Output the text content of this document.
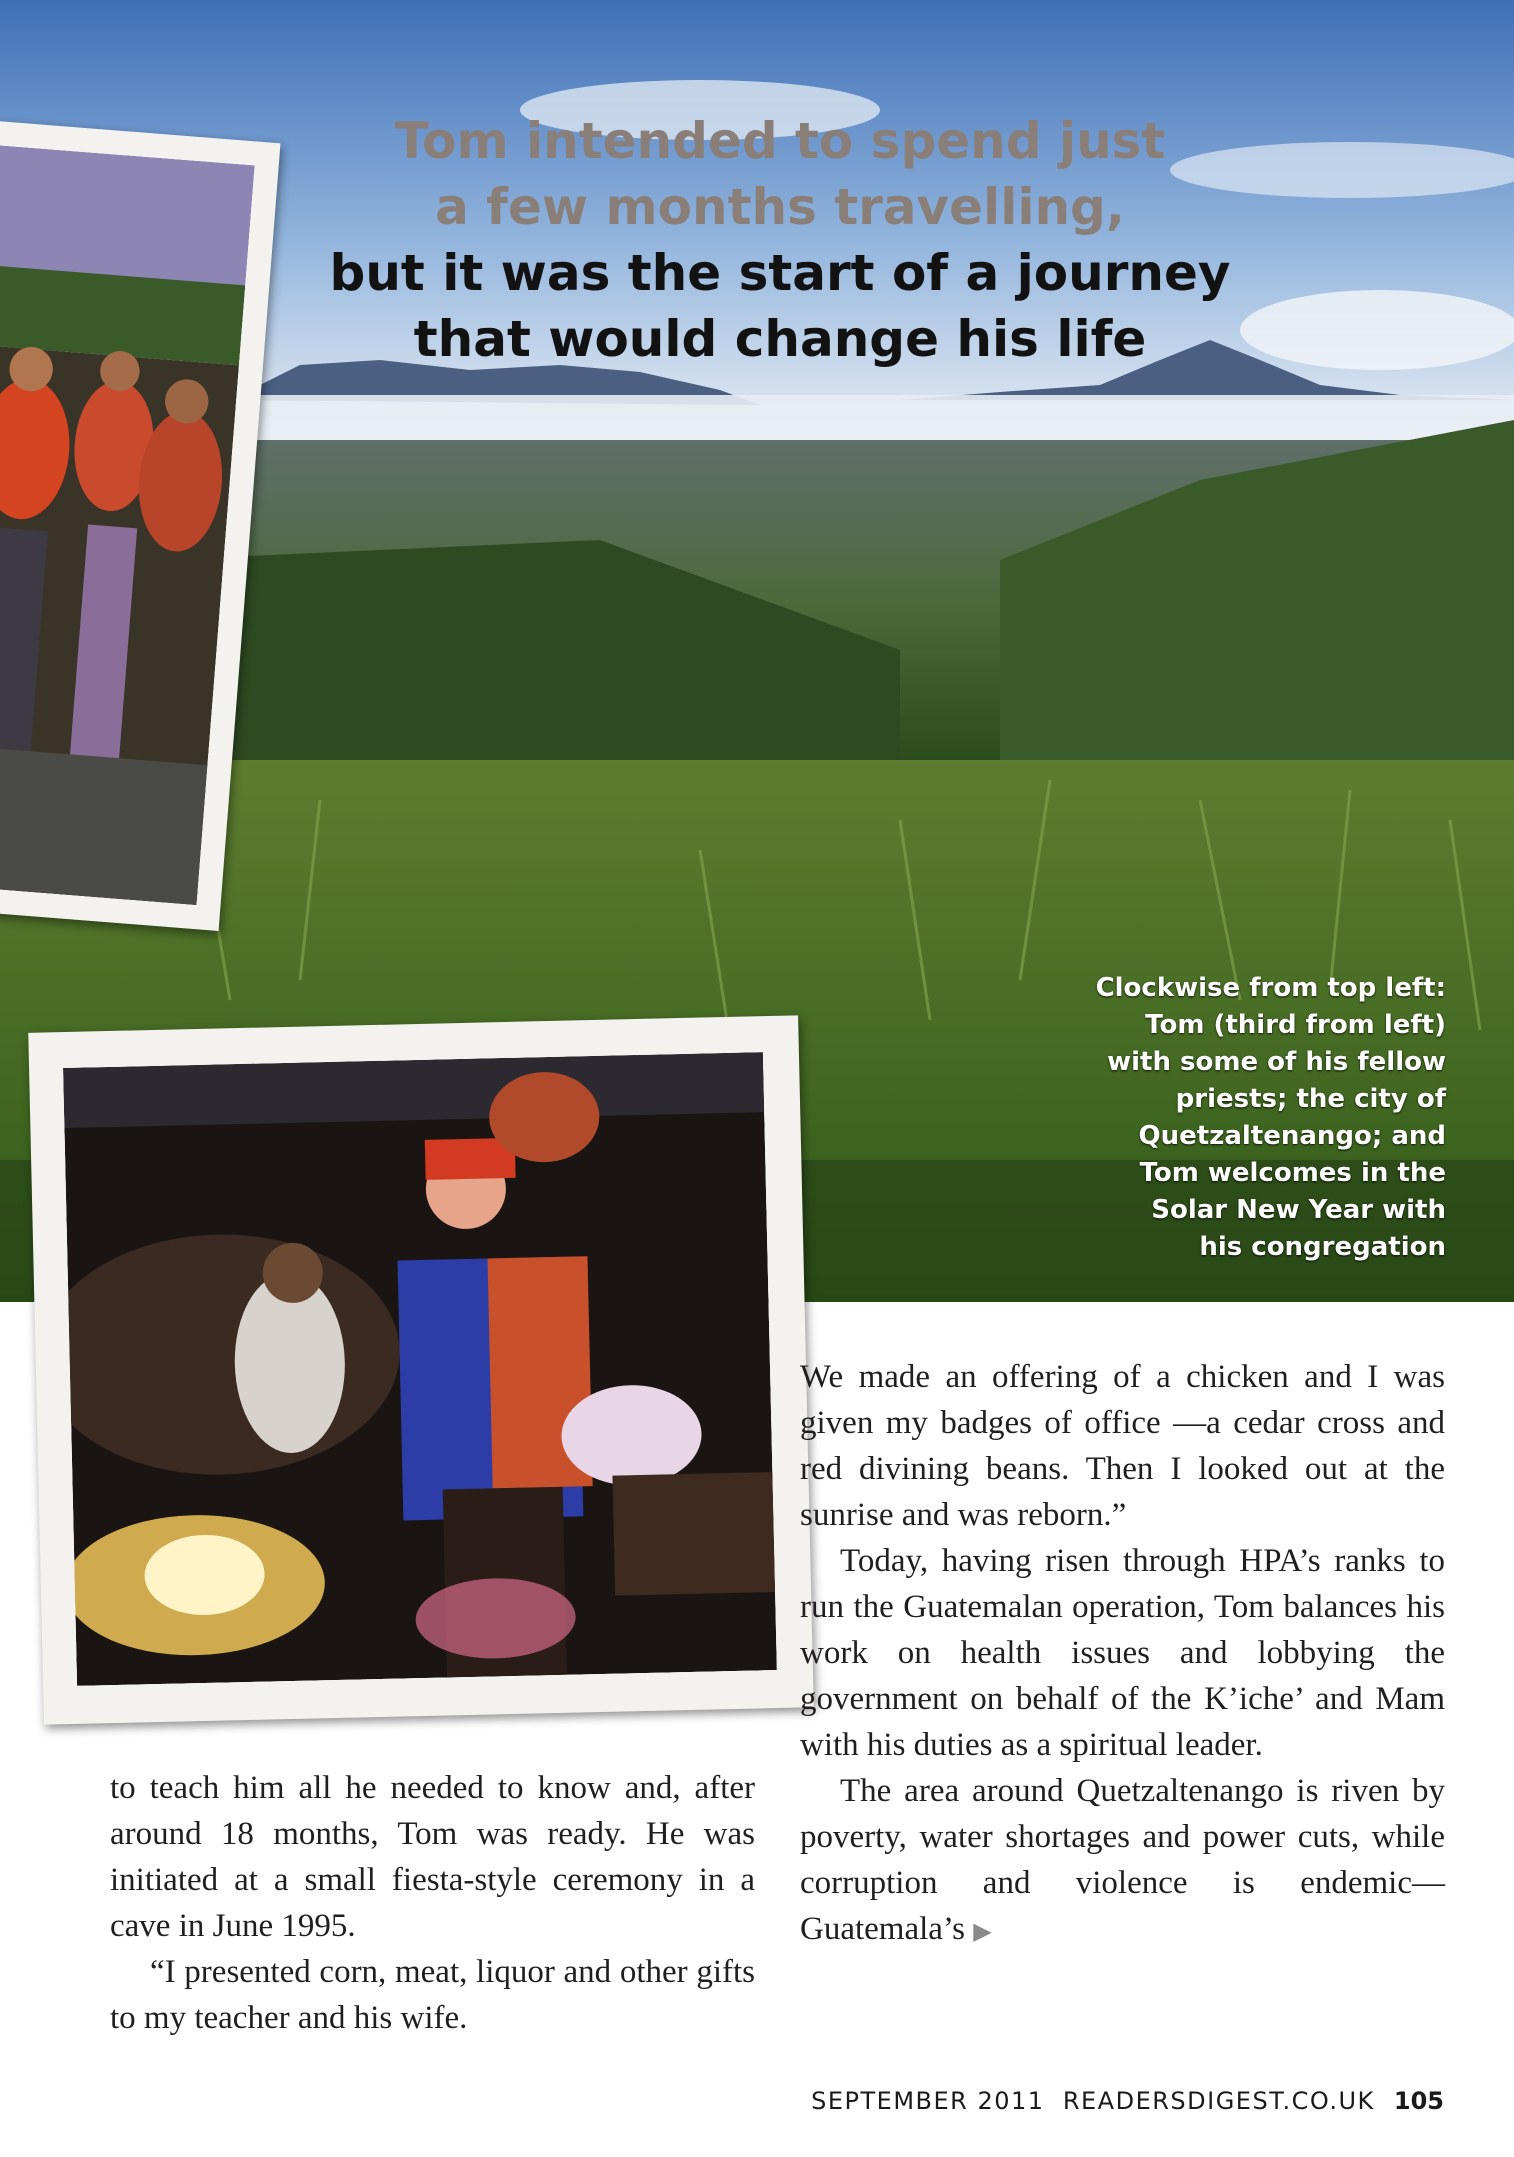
Tom intended to spend just
a few months travelling,
but it was the start of a journey
that would change his life
Clockwise from top left:
Tom (third from left)
with some of his fellow
priests; the city of
Quetzaltenango; and
Tom welcomes in the
Solar New Year with
his congregation

to teach him all he needed to know and, after around 18 months, Tom was ready. He was initiated at a small fiesta-style ceremony in a cave in June 1995.

“I presented corn, meat, liquor and other gifts to my teacher and his wife.

We made an offering of a chicken and I was given my badges of office —a cedar cross and red divining beans. Then I looked out at the sunrise and was reborn.”

Today, having risen through HPA’s ranks to run the Guatemalan operation, Tom balances his work on health issues and lobbying the government on behalf of the K’iche’ and Mam with his duties as a spiritual leader.

The area around Quetzaltenango is riven by poverty, water shortages and power cuts, while corruption and violence is endemic—Guatemala’s ▶

SEPTEMBER 2011 READERSDIGEST.CO.UK 105
